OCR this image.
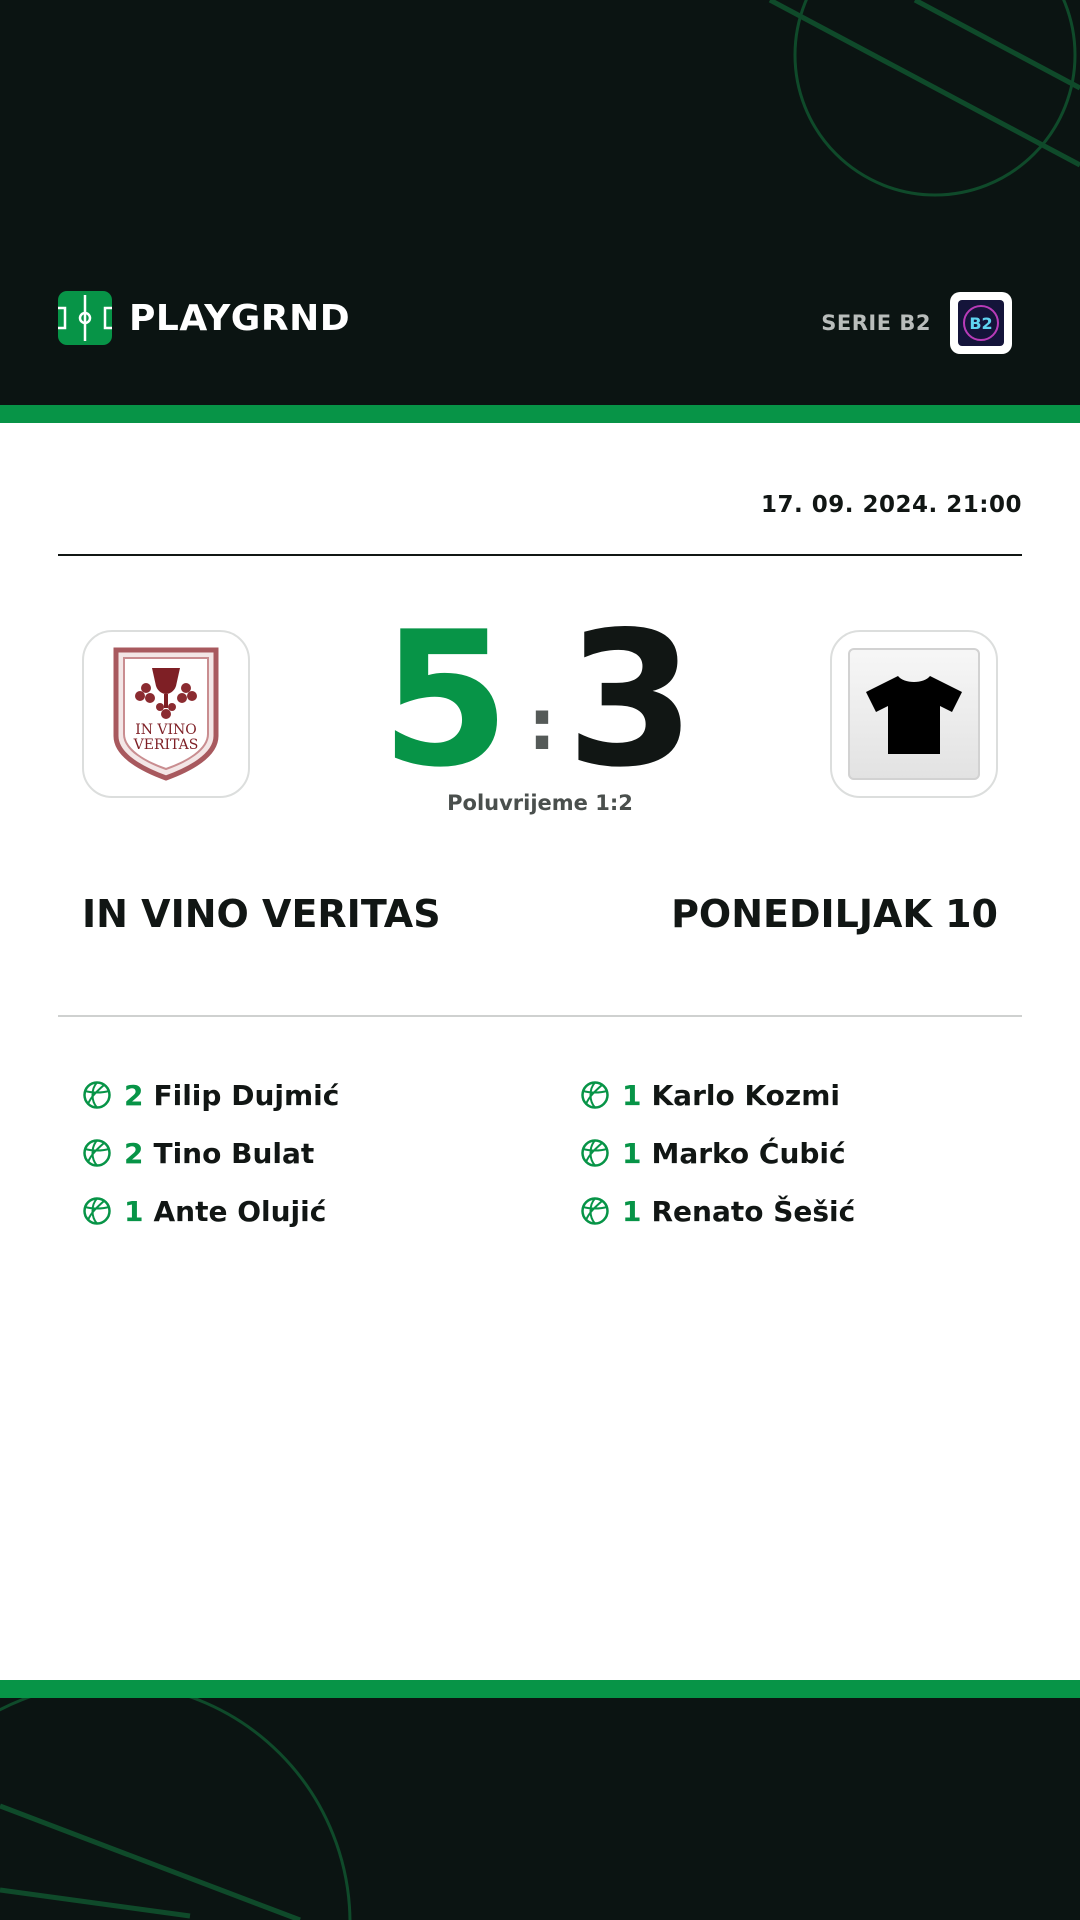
PLAYGRND	SERIE B2 B2
17. 09. 2024. 21:00
IN VINO
VERITAS 5 : 3
Poluvrijeme 1:2
IN VINO VERITAS	PONEDILJAK 10
2 Filip Dujmić
2 Tino Bulat
1 Ante Olujić
1 Karlo Kozmi
1 Marko Ćubić
1 Renato Šešić
